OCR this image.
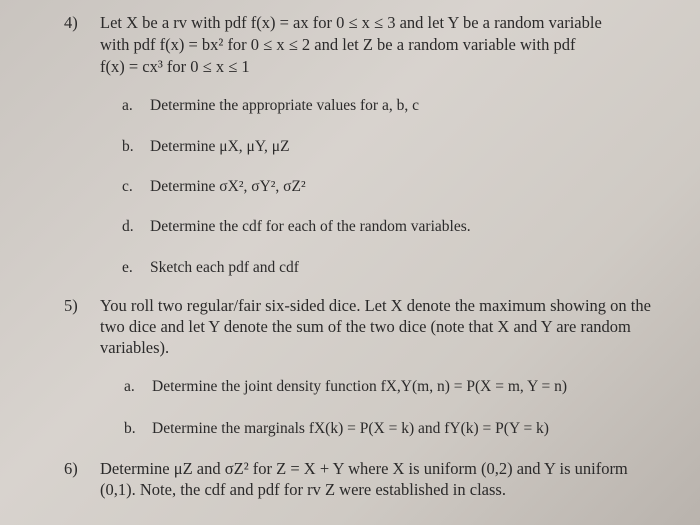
4) Let X be a rv with pdf f(x) = ax for 0 ≤ x ≤ 3 and let Y be a random variable
with pdf f(x) = bx² for 0 ≤ x ≤ 2 and let Z be a random variable with pdf
f(x) = cx³ for 0 ≤ x ≤ 1
a. Determine the appropriate values for a, b, c
b. Determine μX, μY, μZ
c. Determine σX², σY², σZ²
d. Determine the cdf for each of the random variables.
e. Sketch each pdf and cdf
5) You roll two regular/fair six-sided dice. Let X denote the maximum showing on the
two dice and let Y denote the sum of the two dice (note that X and Y are random
variables).
a. Determine the joint density function fX,Y(m, n) = P(X = m, Y = n)
b. Determine the marginals fX(k) = P(X = k) and fY(k) = P(Y = k)
6) Determine μZ and σZ² for Z = X + Y where X is uniform (0,2) and Y is uniform
(0,1). Note, the cdf and pdf for rv Z were established in class.
